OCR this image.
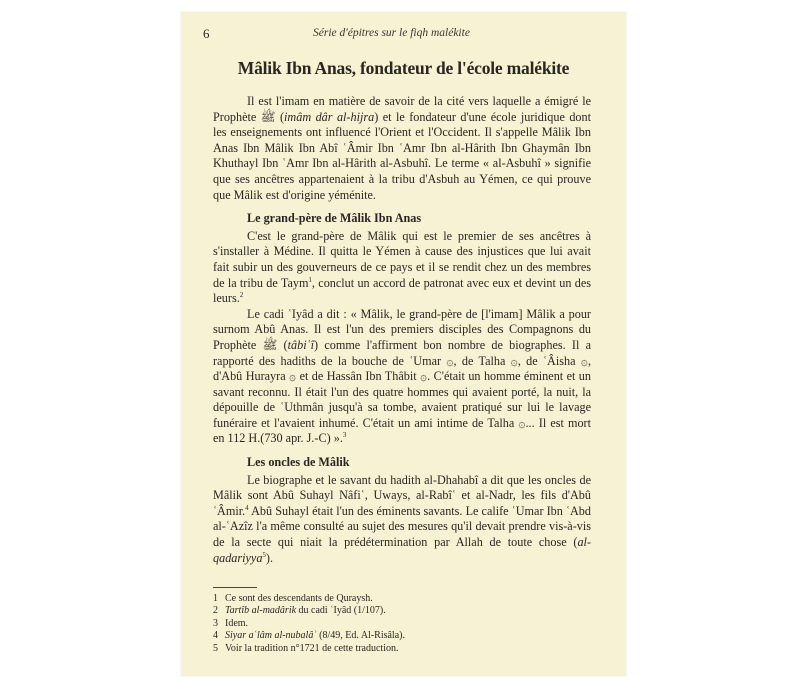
6	Série d'épitres sur le fiqh malékite
Mâlik Ibn Anas, fondateur de l'école malékite

Il est l'imam en matière de savoir de la cité vers laquelle a émigré le Prophète ﷺ (imâm dâr al-hijra) et le fondateur d'une école juridique dont les enseignements ont influencé l'Orient et l'Occident. Il s'appelle Mâlik Ibn Anas Ibn Mâlik Ibn Abî ʿÂmir Ibn ʿAmr Ibn al-Hârith Ibn Ghaymân Ibn Khuthayl Ibn ʿAmr Ibn al-Hârith al-Asbuhî. Le terme « al-Asbuhî » signifie que ses ancêtres appartenaient à la tribu d'Asbuh au Yémen, ce qui prouve que Mâlik est d'origine yéménite.

Le grand-père de Mâlik Ibn Anas

C'est le grand-père de Mâlik qui est le premier de ses ancêtres à s'installer à Médine. Il quitta le Yémen à cause des injustices que lui avait fait subir un des gouverneurs de ce pays et il se rendit chez un des membres de la tribu de Taym$^1$, conclut un accord de patronat avec eux et devint un des leurs.$^2$

Le cadi ʿIyâd a dit : « Mâlik, le grand-père de [l'imam] Mâlik a pour surnom Abû Anas. Il est l'un des premiers disciples des Compagnons du Prophète ﷺ (tâbiʿî) comme l'affirment bon nombre de biographes. Il a rapporté des hadiths de la bouche de ʿUmar ۞, de Talha ۞, de ʿÂisha ۞, d'Abû Hurayra ۞ et de Hassân Ibn Thâbit ۞. C'était un homme éminent et un savant reconnu. Il était l'un des quatre hommes qui avaient porté, la nuit, la dépouille de ʿUthmân jusqu'à sa tombe, avaient pratiqué sur lui le lavage funéraire et l'avaient inhumé. C'était un ami intime de Talha ۞... Il est mort en 112 H.(730 apr. J.-C) ».$^3$

Les oncles de Mâlik

Le biographe et le savant du hadith al-Dhahabî a dit que les oncles de Mâlik sont Abû Suhayl Nâfiʿ, Uways, al-Rabîʿ et al-Nadr, les fils d'Abû ʿÂmir.$^4$ Abû Suhayl était l'un des éminents savants. Le calife ʿUmar Ibn ʿAbd al-ʿAzîz l'a même consulté au sujet des mesures qu'il devait prendre vis-à-vis de la secte qui niait la prédétermination par Allah de toute chose (al-qadariyya$^5$).

1 Ce sont des descendants de Quraysh.
2 Tartîb al-madârik du cadi ʿIyâd (1/107).
3 Idem.
4 Siyar aʿlâm al-nubalâʾ (8/49, Ed. Al-Risâla).
5 Voir la tradition n°1721 de cette traduction.
